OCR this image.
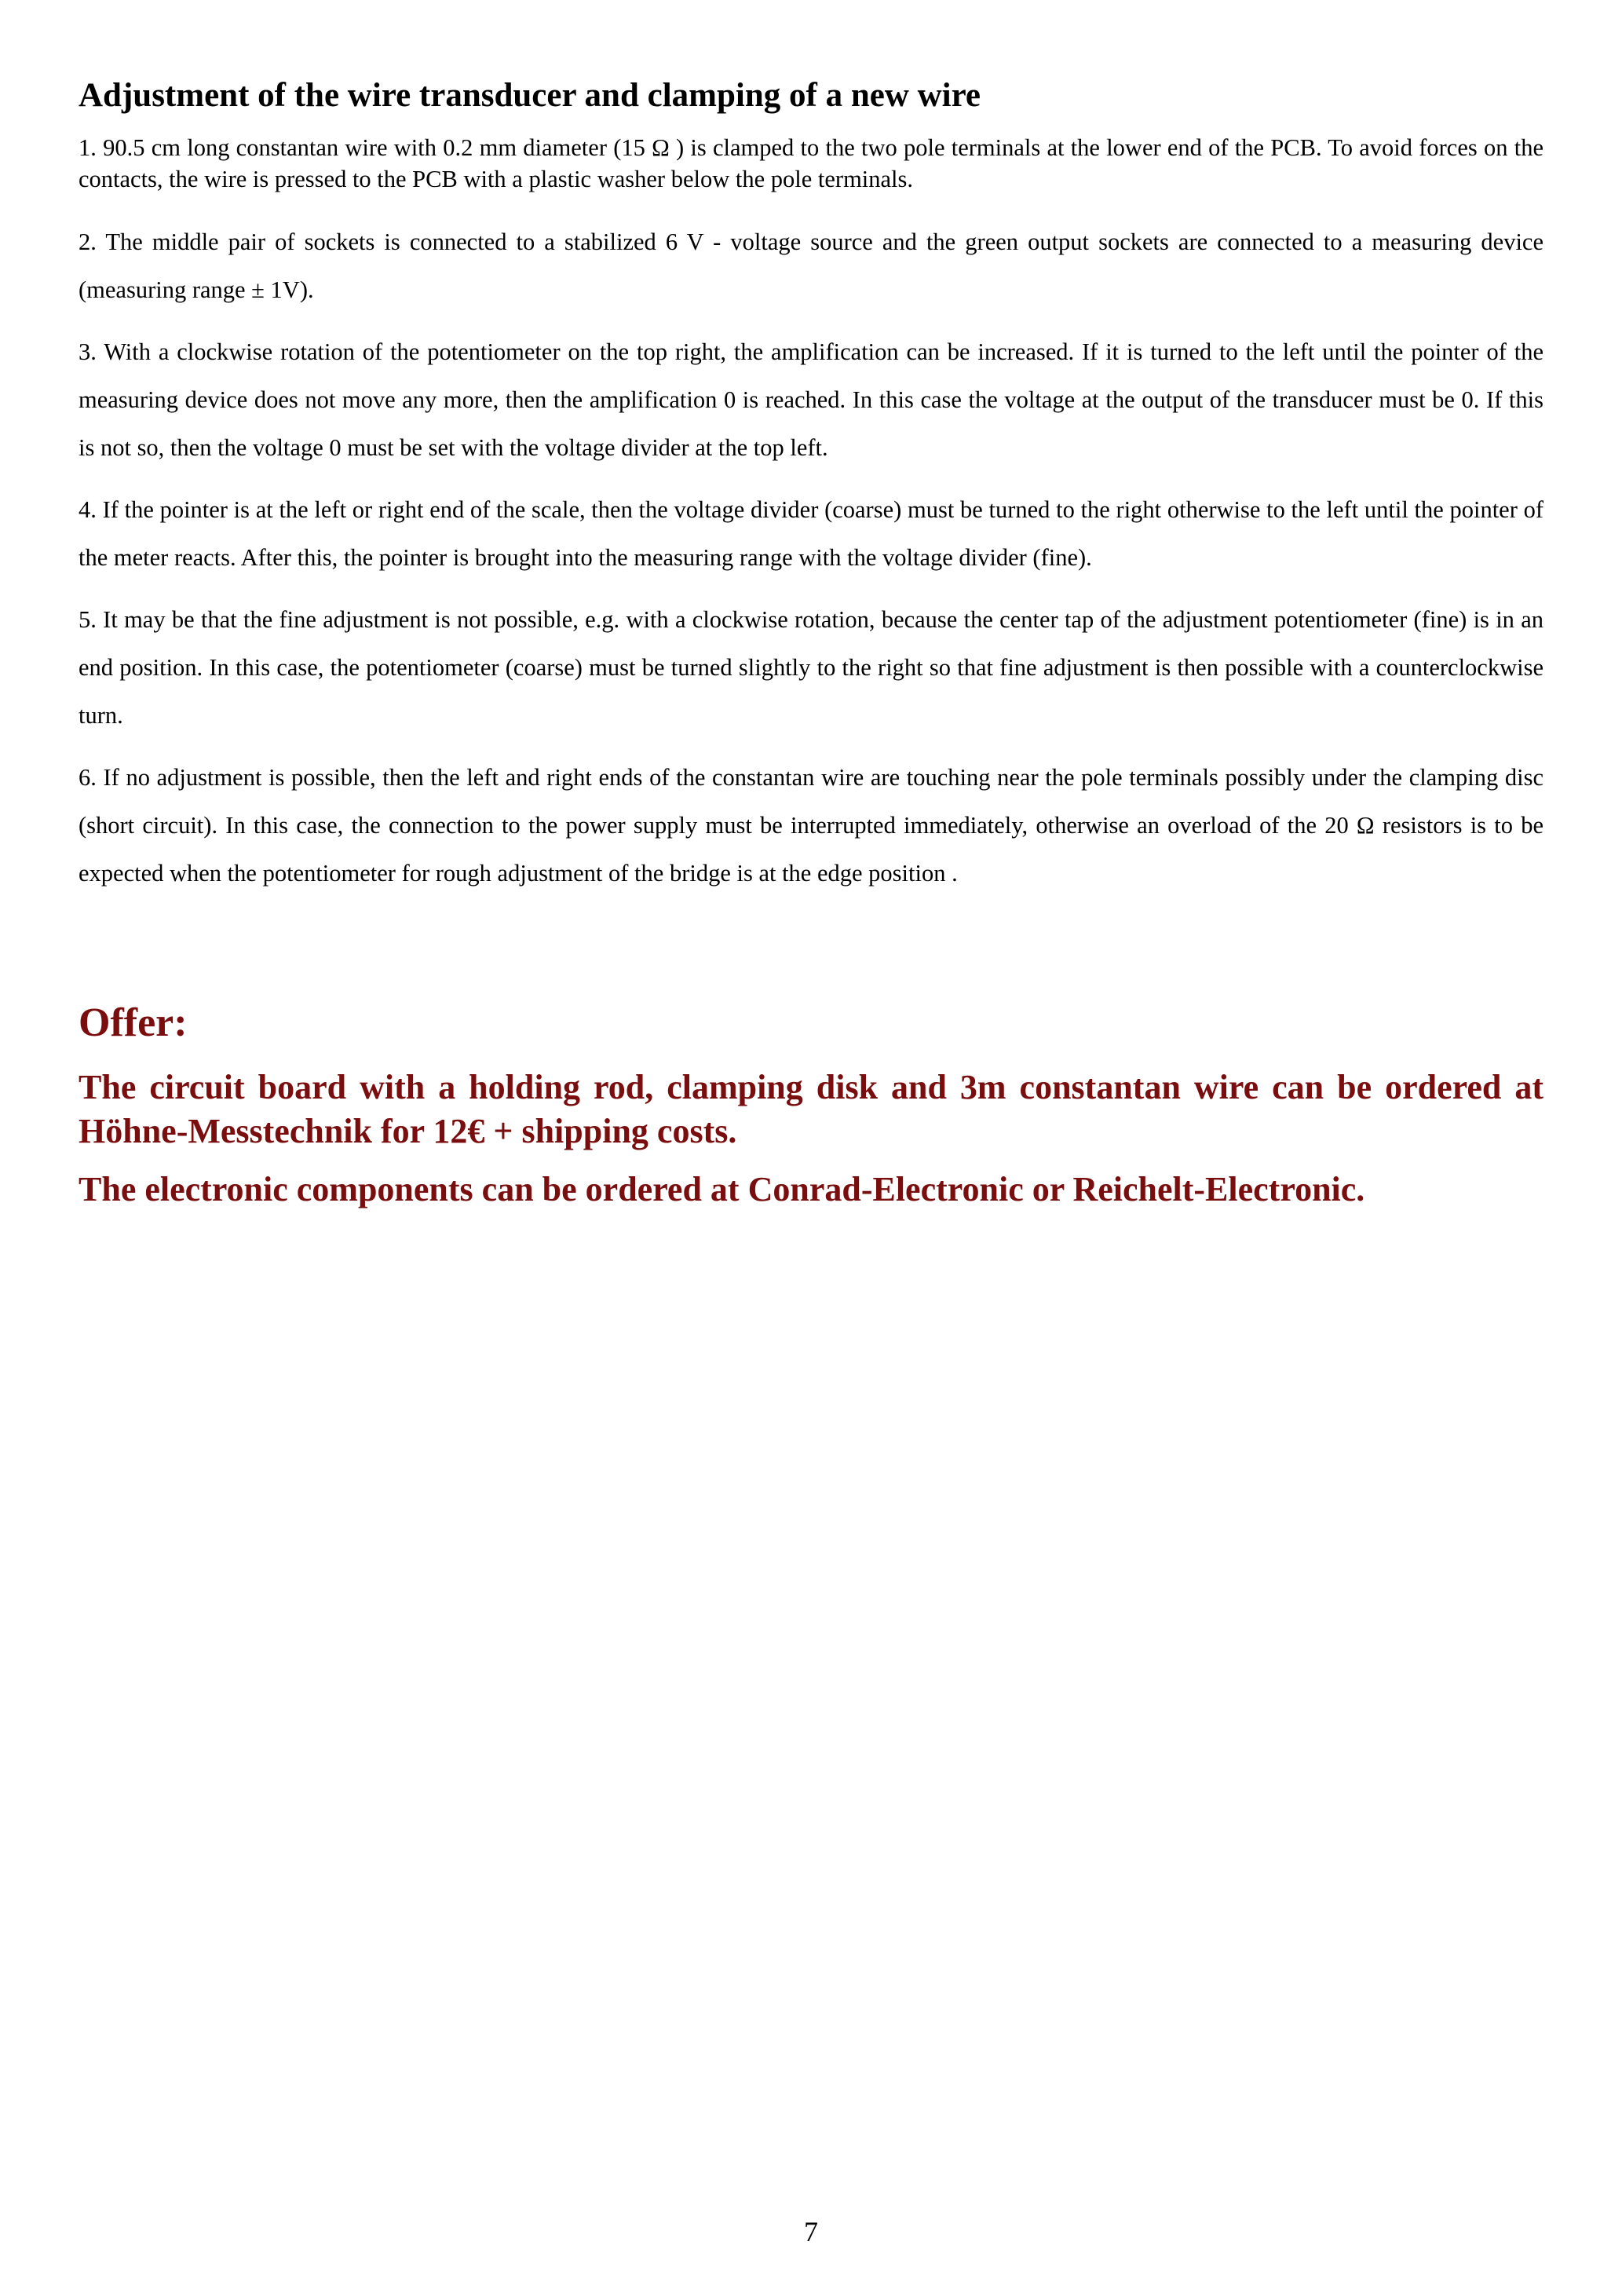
Adjustment of the wire transducer and clamping of a new wire

1. 90.5 cm long constantan wire with 0.2 mm diameter (15 Ω ) is clamped to the two pole terminals at the lower end of the PCB. To avoid forces on the contacts, the wire is pressed to the PCB with a plastic washer below the pole terminals.

2. The middle pair of sockets is connected to a stabilized 6 V - voltage source and the green output sockets are connected to a measuring device (measuring range ± 1V).

3. With a clockwise rotation of the potentiometer on the top right, the amplification can be increased. If it is turned to the left until the pointer of the measuring device does not move any more, then the amplification 0 is reached. In this case the voltage at the output of the transducer must be 0. If this is not so, then the voltage 0 must be set with the voltage divider at the top left.

4. If the pointer is at the left or right end of the scale, then the voltage divider (coarse) must be turned to the right otherwise to the left until the pointer of the meter reacts. After this, the pointer is brought into the measuring range with the voltage divider (fine).

5. It may be that the fine adjustment is not possible, e.g. with a clockwise rotation, because the center tap of the adjustment potentiometer (fine) is in an end position. In this case, the potentiometer (coarse) must be turned slightly to the right so that fine adjustment is then possible with a counterclockwise turn.

6. If no adjustment is possible, then the left and right ends of the constantan wire are touching near the pole terminals possibly under the clamping disc (short circuit). In this case, the connection to the power supply must be interrupted immediately, otherwise an overload of the 20 Ω resistors is to be expected when the potentiometer for rough adjustment of the bridge is at the edge position .

Offer:

The circuit board with a holding rod, clamping disk and 3m constantan wire can be ordered at Höhne-Messtechnik for 12€ + shipping costs.

The electronic components can be ordered at Conrad-Electronic or Reichelt-Electronic.

7
